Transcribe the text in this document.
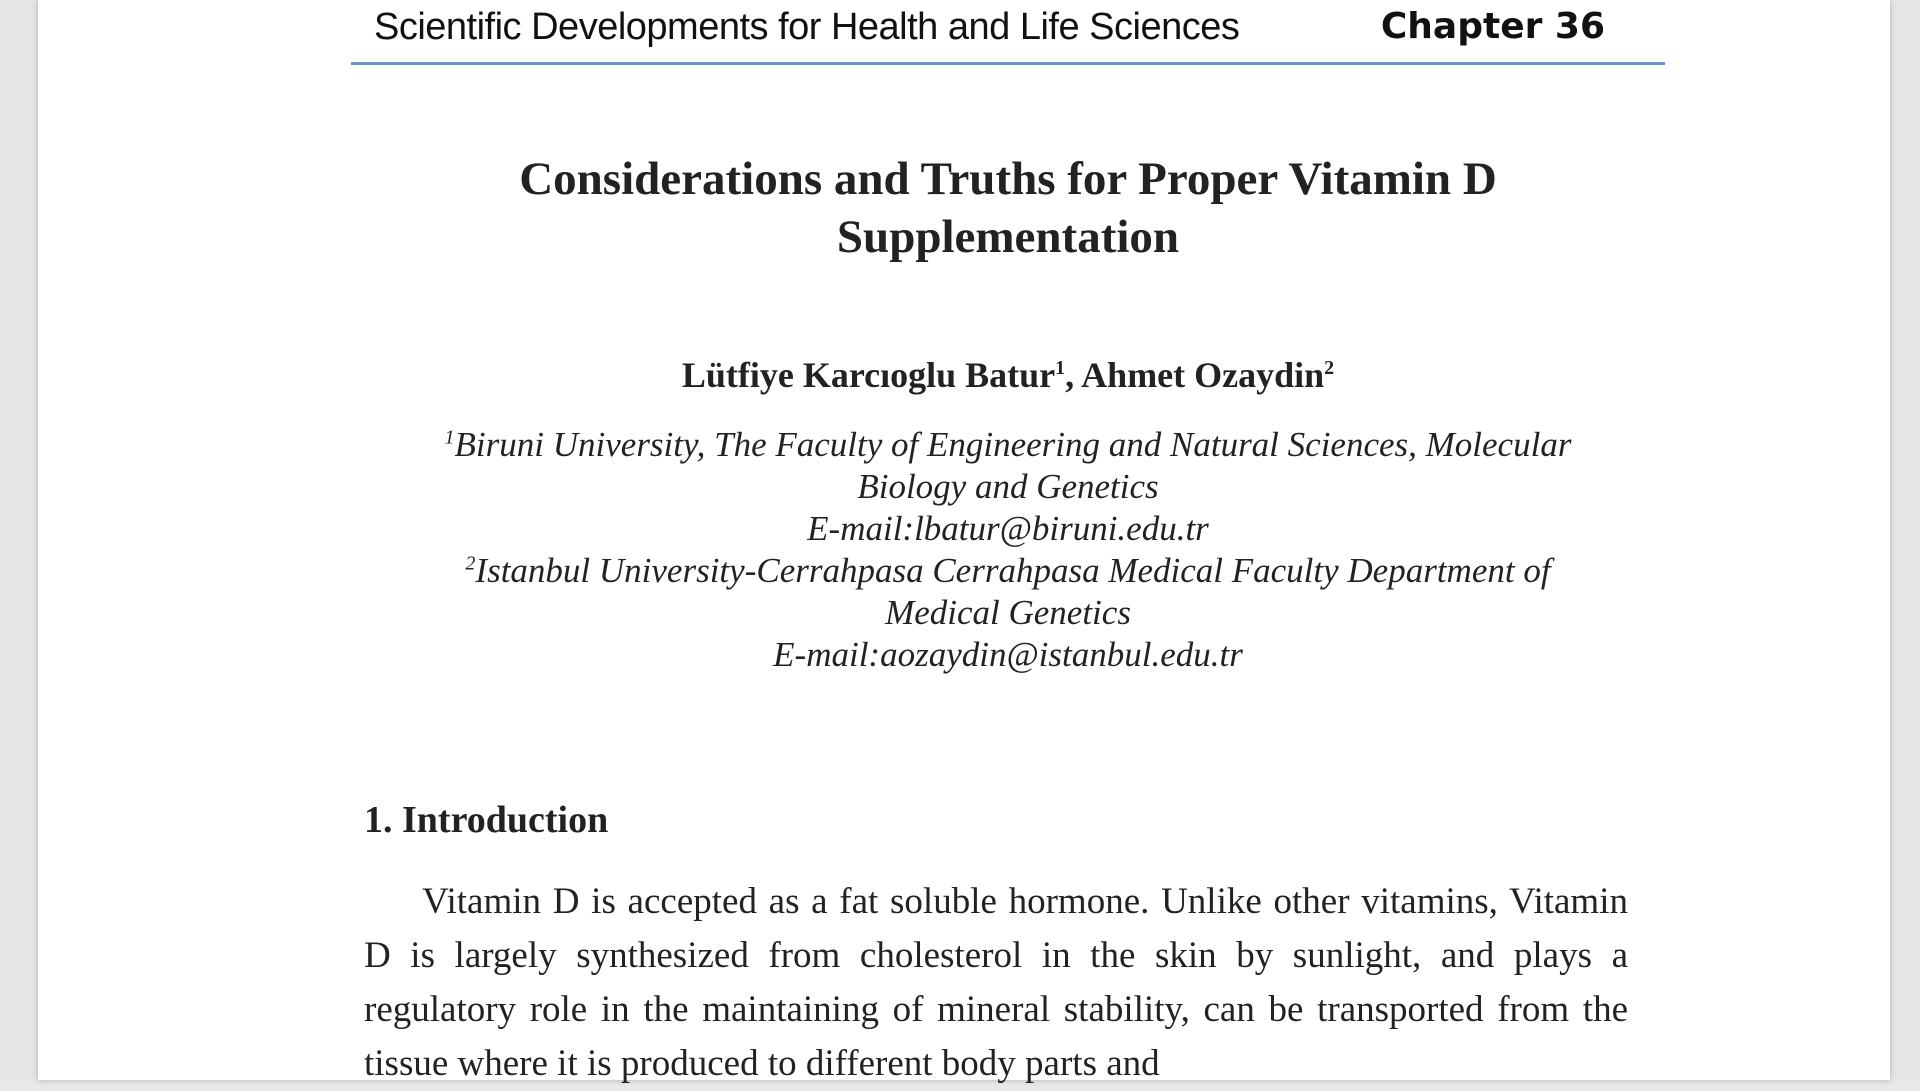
Scientific Developments for Health and Life Sciences	Chapter 36
Considerations and Truths for Proper Vitamin D
Supplementation
Lütfiye Karcıoglu Batur$^1$, Ahmet Ozaydin$^2$
$^1$Biruni University, The Faculty of Engineering and Natural Sciences, Molecular
Biology and Genetics
E-mail:lbatur@biruni.edu.tr
$^2$Istanbul University-Cerrahpasa Cerrahpasa Medical Faculty Department of
Medical Genetics
E-mail:aozaydin@istanbul.edu.tr
1. Introduction
Vitamin D is accepted as a fat soluble hormone. Unlike other vitamins, Vitamin D is largely synthesized from cholesterol in the skin by sunlight, and plays a regulatory role in the maintaining of mineral stability, can be transported from the tissue where it is produced to different body parts and
